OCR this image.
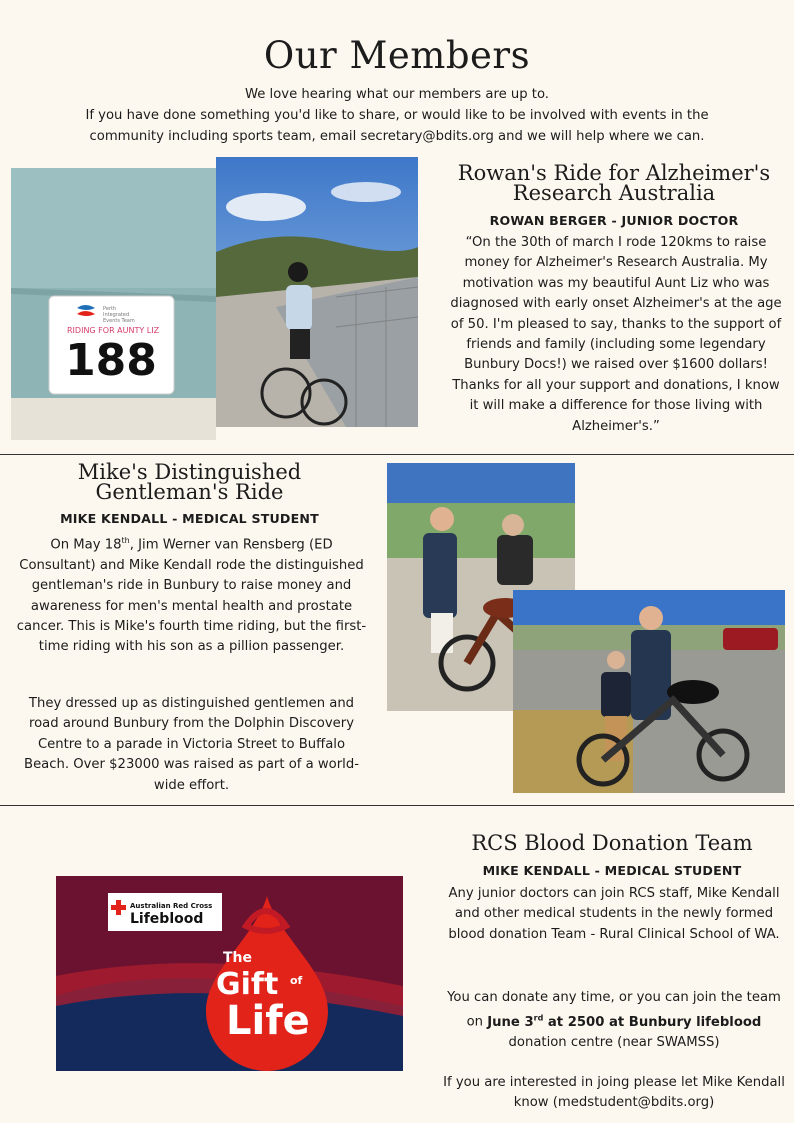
Our Members
We love hearing what our members are up to.
If you have done something you'd like to share, or would like to be involved with events in the
community including sports team, email secretary@bdits.org and we will help where we can.
Perth
Integrated
Events Team
RIDING FOR AUNTY LIZ
188
Rowan's Ride for Alzheimer's Research Australia
ROWAN BERGER - JUNIOR DOCTOR
“On the 30th of march I rode 120kms to raise money for Alzheimer's Research Australia. My motivation was my beautiful Aunt Liz who was diagnosed with early onset Alzheimer's at the age of 50. I'm pleased to say, thanks to the support of friends and family (including some legendary Bunbury Docs!) we raised over $1600 dollars! Thanks for all your support and donations, I know it will make a difference for those living with Alzheimer's.”
Mike's Distinguished Gentleman's Ride
MIKE KENDALL - MEDICAL STUDENT
On May 18th, Jim Werner van Rensberg (ED Consultant) and Mike Kendall rode the distinguished gentleman's ride in Bunbury to raise money and awareness for men's mental health and prostate cancer. This is Mike's fourth time riding, but the first-time riding with his son as a pillion passenger.
They dressed up as distinguished gentlemen and road around Bunbury from the Dolphin Discovery Centre to a parade in Victoria Street to Buffalo Beach. Over $23000 was raised as part of a world-wide effort.
Australian Red Cross
Lifeblood
The
Gift of
Life
RCS Blood Donation Team
MIKE KENDALL - MEDICAL STUDENT
Any junior doctors can join RCS staff, Mike Kendall and other medical students in the newly formed blood donation Team - Rural Clinical School of WA.
You can donate any time, or you can join the team on June 3rd at 2500 at Bunbury lifeblood donation centre (near SWAMSS)
If you are interested in joing please let Mike Kendall know (medstudent@bdits.org)
